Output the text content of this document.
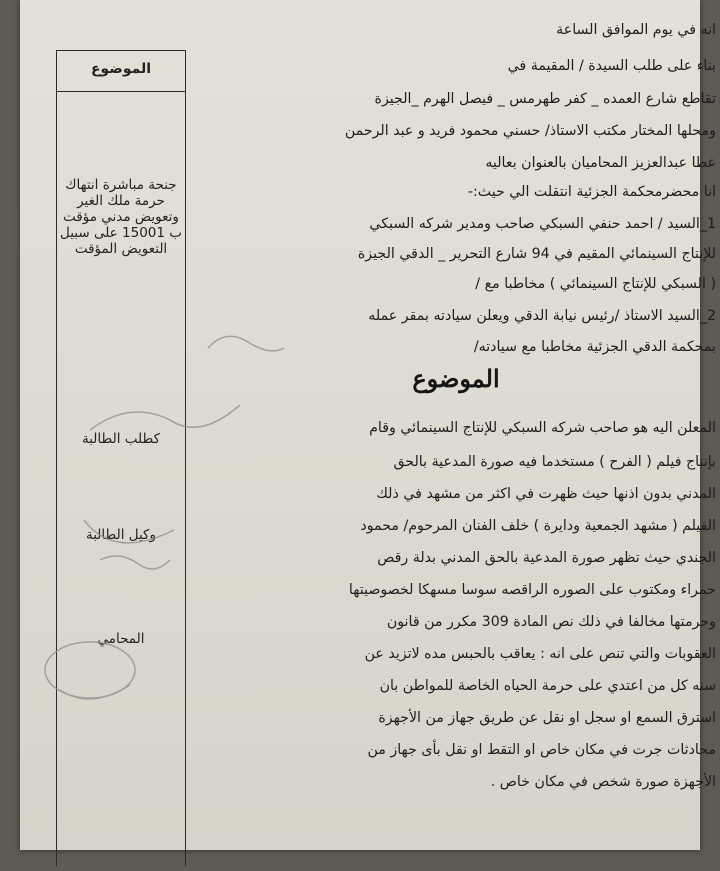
الموضوع
جنحة مباشرة انتهاك حرمة ملك الغير وتعويض مدني مؤقت ب 15001 على سبيل التعويض المؤقت
كطلب الطالبة
وكيل الطالبة
المحامي
انه في يوم الموافق الساعة
بناء على طلب السيدة / المقيمة في
تقاطع شارع العمده _ كفر طهرمس _ فيصل الهرم _الجيزة
ومحلها المختار مكتب الاستاذ/ حسني محمود فريد و عبد الرحمن
عطا عبدالعزيز المحاميان بالعنوان بعاليه
انا محضرمحكمة الجزئية انتقلت الي حيث:-
1_السيد / احمد حنفي السبكي صاحب ومدير شركه السبكي
للإنتاج السينمائي المقيم في 94 شارع التحرير _ الدقي الجيزة
( السبكي للإنتاج السينمائي ) مخاطبا مع /
2_السيد الاستاذ /رئيس نيابة الدقي ويعلن سيادته بمقر عمله
بمحكمة الدقي الجزئية مخاطبا مع سيادته/
الموضوع
المعلن اليه هو صاحب شركه السبكي للإنتاج السينمائي وقام
بإنتاج فيلم ( الفرح ) مستخدما فيه صورة المدعية بالحق
المدني بدون اذنها حيث ظهرت في اكثر من مشهد في ذلك
الفيلم ( مشهد الجمعية ودايرة ) خلف الفنان المرحوم/ محمود
الجندي حيث تظهر صورة المدعية بالحق المدني بدلة رقص
حمراء ومكتوب على الصوره الراقصه سوسا مسهكا لخصوصيتها
وحرمتها مخالفا في ذلك نص المادة 309 مكرر من قانون
العقوبات والتي تنص على انه : يعاقب بالحبس مده لاتزيد عن
سنه كل من اعتدي على حرمة الحياه الخاصة للمواطن بان
استرق السمع او سجل او نقل عن طريق جهاز من الأجهزة
محادثات جرت في مكان خاص او التقط او نقل بأى جهاز من
الأجهزة صورة شخص في مكان خاص .
